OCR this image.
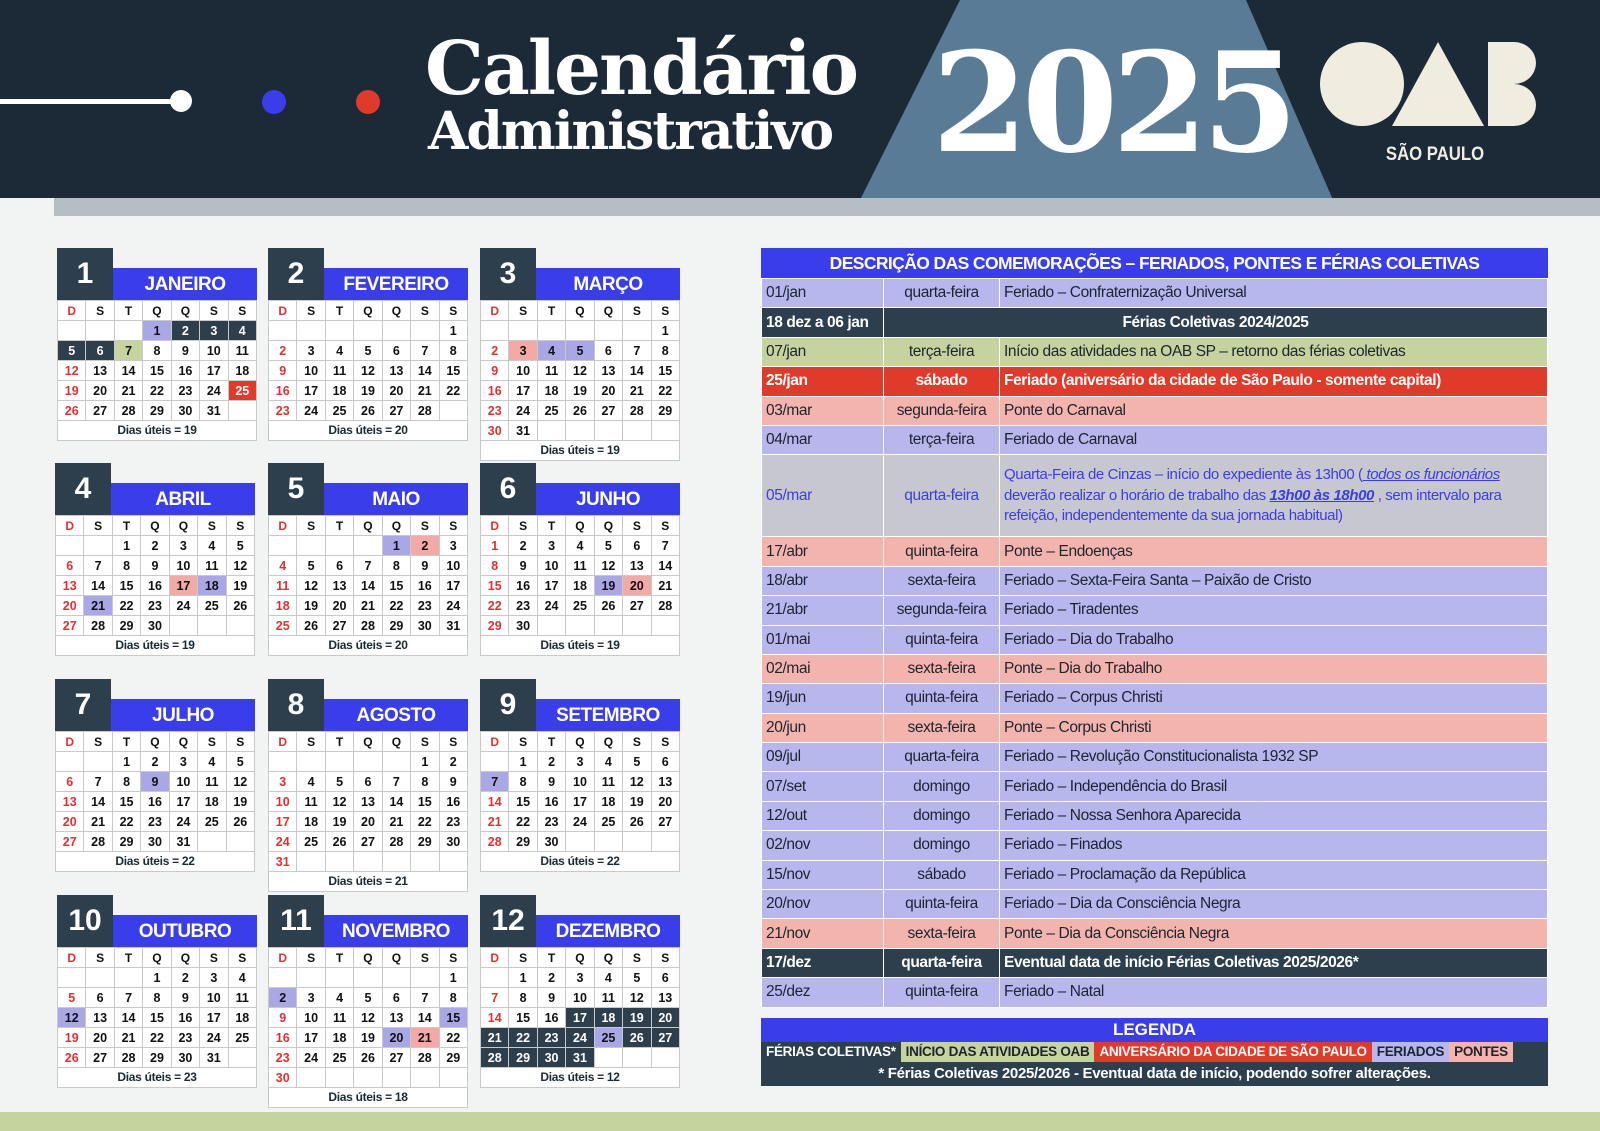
Calendário
Administrativo 2025	SÃO PAULO
1	JANEIRO
D	S	T	Q	Q	S	S
			1	2	3	4
5	6	7	8	9	10	11
12	13	14	15	16	17	18
19	20	21	22	23	24	25
26	27	28	29	30	31	
Dias úteis = 19
2	FEVEREIRO
D	S	T	Q	Q	S	S
						1
2	3	4	5	6	7	8
9	10	11	12	13	14	15
16	17	18	19	20	21	22
23	24	25	26	27	28	
Dias úteis = 20
3	MARÇO
D	S	T	Q	Q	S	S
						1
2	3	4	5	6	7	8
9	10	11	12	13	14	15
16	17	18	19	20	21	22
23	24	25	26	27	28	29
30	31					
Dias úteis = 19
4	ABRIL
D	S	T	Q	Q	S	S
		1	2	3	4	5
6	7	8	9	10	11	12
13	14	15	16	17	18	19
20	21	22	23	24	25	26
27	28	29	30			
Dias úteis = 19
5	MAIO
D	S	T	Q	Q	S	S
				1	2	3
4	5	6	7	8	9	10
11	12	13	14	15	16	17
18	19	20	21	22	23	24
25	26	27	28	29	30	31
Dias úteis = 20
6	JUNHO
D	S	T	Q	Q	S	S
1	2	3	4	5	6	7
8	9	10	11	12	13	14
15	16	17	18	19	20	21
22	23	24	25	26	27	28
29	30					
Dias úteis = 19
7	JULHO
D	S	T	Q	Q	S	S
		1	2	3	4	5
6	7	8	9	10	11	12
13	14	15	16	17	18	19
20	21	22	23	24	25	26
27	28	29	30	31		
Dias úteis = 22
8	AGOSTO
D	S	T	Q	Q	S	S
					1	2
3	4	5	6	7	8	9
10	11	12	13	14	15	16
17	18	19	20	21	22	23
24	25	26	27	28	29	30
31						
Dias úteis = 21
9	SETEMBRO
D	S	T	Q	Q	S	S
	1	2	3	4	5	6
7	8	9	10	11	12	13
14	15	16	17	18	19	20
21	22	23	24	25	26	27
28	29	30				
Dias úteis = 22
10	OUTUBRO
D	S	T	Q	Q	S	S
			1	2	3	4
5	6	7	8	9	10	11
12	13	14	15	16	17	18
19	20	21	22	23	24	25
26	27	28	29	30	31	
Dias úteis = 23
11	NOVEMBRO
D	S	T	Q	Q	S	S
						1
2	3	4	5	6	7	8
9	10	11	12	13	14	15
16	17	18	19	20	21	22
23	24	25	26	27	28	29
30						
Dias úteis = 18
12	DEZEMBRO
D	S	T	Q	Q	S	S
	1	2	3	4	5	6
7	8	9	10	11	12	13
14	15	16	17	18	19	20
21	22	23	24	25	26	27
28	29	30	31			
Dias úteis = 12
DESCRIÇÃO DAS COMEMORAÇÕES – FERIADOS, PONTES E FÉRIAS COLETIVAS
01/jan	quarta-feira	Feriado – Confraternização Universal
18 dez a 06 jan	Férias Coletivas 2024/2025	
07/jan	terça-feira	Início das atividades na OAB SP – retorno das férias coletivas
25/jan	sábado	Feriado (aniversário da cidade de São Paulo - somente capital)
03/mar	segunda-feira	Ponte do Carnaval
04/mar	terça-feira	Feriado de Carnaval
05/mar	quarta-feira	Quarta-Feira de Cinzas – início do expediente às 13h00 ( todos os funcionários deverão realizar o horário de trabalho das 13h00 às 18h00 , sem intervalo para refeição, independentemente da sua jornada habitual)
17/abr	quinta-feira	Ponte – Endoenças
18/abr	sexta-feira	Feriado – Sexta-Feira Santa – Paixão de Cristo
21/abr	segunda-feira	Feriado – Tiradentes
01/mai	quinta-feira	Feriado – Dia do Trabalho
02/mai	sexta-feira	Ponte – Dia do Trabalho
19/jun	quinta-feira	Feriado – Corpus Christi
20/jun	sexta-feira	Ponte – Corpus Christi
09/jul	quarta-feira	Feriado – Revolução Constitucionalista 1932 SP
07/set	domingo	Feriado – Independência do Brasil
12/out	domingo	Feriado – Nossa Senhora Aparecida
02/nov	domingo	Feriado – Finados
15/nov	sábado	Feriado – Proclamação da República
20/nov	quinta-feira	Feriado – Dia da Consciência Negra
21/nov	sexta-feira	Ponte – Dia da Consciência Negra
17/dez	quarta-feira	Eventual data de início Férias Coletivas 2025/2026*
25/dez	quinta-feira	Feriado – Natal
LEGENDA
FÉRIAS COLETIVAS* INÍCIO DAS ATIVIDADES OAB ANIVERSÁRIO DA CIDADE DE SÃO PAULO FERIADOS PONTES
* Férias Coletivas 2025/2026 - Eventual data de início, podendo sofrer alterações.
